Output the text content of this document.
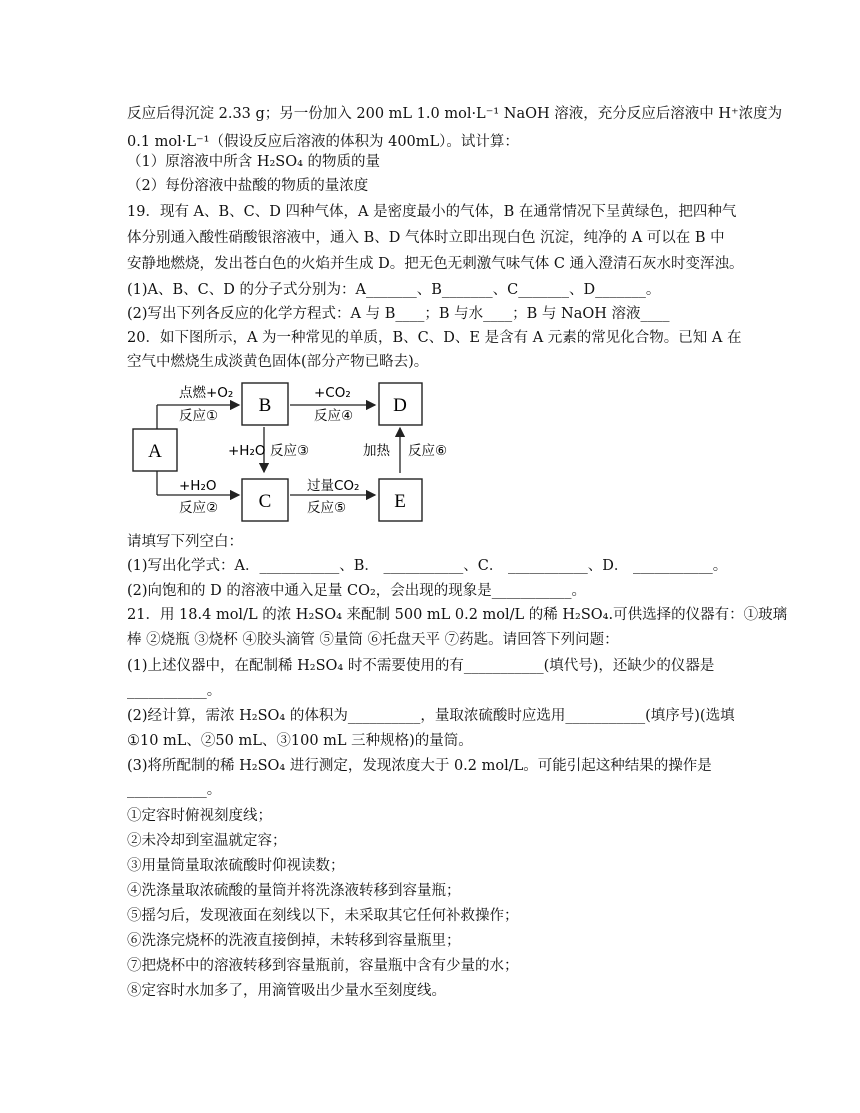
反应后得沉淀 2.33 g；另一份加入 200 mL 1.0 mol·L⁻¹ NaOH 溶液，充分反应后溶液中 H⁺浓度为
0.1 mol·L⁻¹（假设反应后溶液的体积为 400mL）。试计算：
（1）原溶液中所含 H₂SO₄ 的物质的量
（2）每份溶液中盐酸的物质的量浓度
19．现有 A、B、C、D 四种气体，A 是密度最小的气体，B 在通常情况下呈黄绿色，把四种气
体分别通入酸性硝酸银溶液中，通入 B、D 气体时立即出现白色 沉淀，纯净的 A 可以在 B 中
安静地燃烧，发出苍白色的火焰并生成 D。把无色无刺激气味气体 C 通入澄清石灰水时变浑浊。
(1)A、B、C、D 的分子式分别为：A_______、B_______、C_______、D_______。
(2)写出下列各反应的化学方程式：A 与 B____；B 与水____；B 与 NaOH 溶液____
20．如下图所示，A 为一种常见的单质，B、C、D、E 是含有 A 元素的常见化合物。已知 A 在
空气中燃烧生成淡黄色固体(部分产物已略去)。
A
B
C
D
E
点燃+O₂
反应①
+CO₂
反应④
+H₂O
反应②
过量CO₂
反应⑤
+H₂O 反应③	加热 反应⑥
请填写下列空白：
(1)写出化学式：A．___________、B． ___________、C． ___________、D． ___________。
(2)向饱和的 D 的溶液中通入足量 CO₂，会出现的现象是___________。
21．用 18.4 mol/L 的浓 H₂SO₄ 来配制 500 mL 0.2 mol/L 的稀 H₂SO₄.可供选择的仪器有：①玻璃
棒 ②烧瓶 ③烧杯 ④胶头滴管 ⑤量筒 ⑥托盘天平 ⑦药匙。请回答下列问题：
(1)上述仪器中，在配制稀 H₂SO₄ 时不需要使用的有___________(填代号)，还缺少的仪器是
___________。
(2)经计算，需浓 H₂SO₄ 的体积为__________，量取浓硫酸时应选用___________(填序号)(选填
①10 mL、②50 mL、③100 mL 三种规格)的量筒。
(3)将所配制的稀 H₂SO₄ 进行测定，发现浓度大于 0.2 mol/L。可能引起这种结果的操作是
___________。
①定容时俯视刻度线；
②未冷却到室温就定容；
③用量筒量取浓硫酸时仰视读数；
④洗涤量取浓硫酸的量筒并将洗涤液转移到容量瓶；
⑤摇匀后，发现液面在刻线以下，未采取其它任何补救操作；
⑥洗涤完烧杯的洗液直接倒掉，未转移到容量瓶里；
⑦把烧杯中的溶液转移到容量瓶前，容量瓶中含有少量的水；
⑧定容时水加多了，用滴管吸出少量水至刻度线。
